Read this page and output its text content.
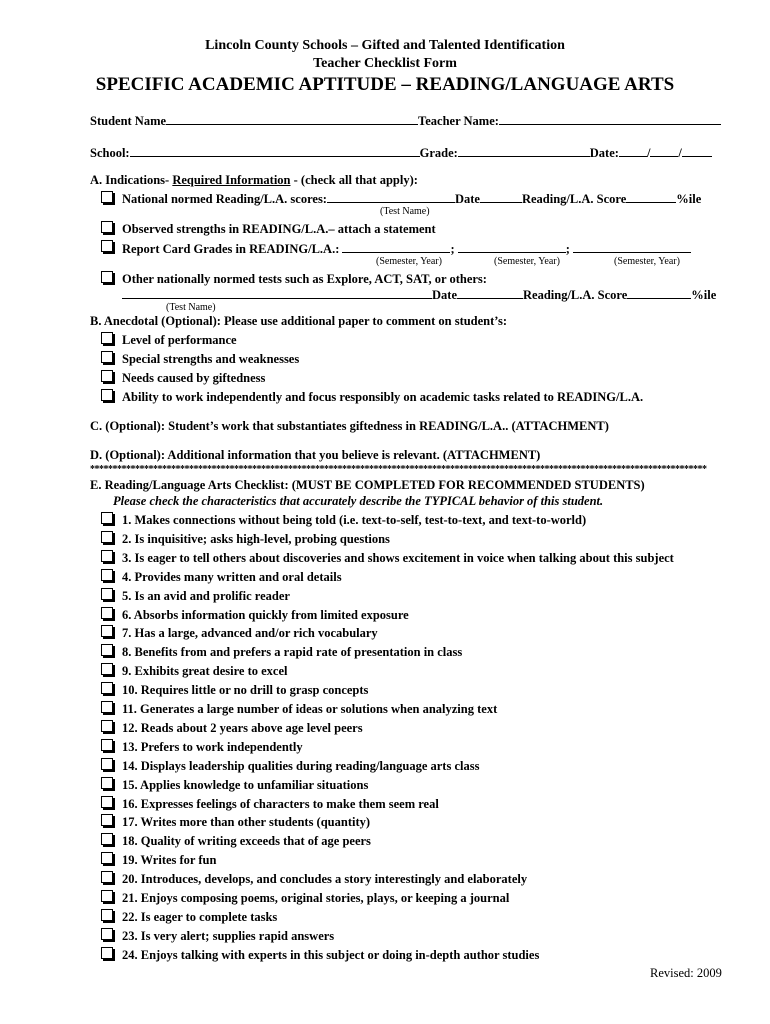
Lincoln County Schools – Gifted and Talented Identification
Teacher Checklist Form
SPECIFIC ACADEMIC APTITUDE – READING/LANGUAGE ARTS
Student Name	Teacher Name:
School:	Grade:	Date: / /
A. Indications- Required Information - (check all that apply):
National normed Reading/L.A. scores:	Date	Reading/L.A. Score	%ile
(Test Name)
Observed strengths in READING/L.A.– attach a statement
Report Card Grades in READING/L.A.:	;	;
(Semester, Year)	(Semester, Year)	(Semester, Year)
Other nationally normed tests such as Explore, ACT, SAT, or others:
Date	Reading/L.A. Score	%ile
(Test Name)
B. Anecdotal (Optional): Please use additional paper to comment on student’s:
Level of performance
Special strengths and weaknesses
Needs caused by giftedness
Ability to work independently and focus responsibly on academic tasks related to READING/L.A.
C. (Optional): Student’s work that substantiates giftedness in READING/L.A.. (ATTACHMENT)
D. (Optional): Additional information that you believe is relevant. (ATTACHMENT)
*****************************************************************************************************************************************
E. Reading/Language Arts Checklist: (MUST BE COMPLETED FOR RECOMMENDED STUDENTS)
Please check the characteristics that accurately describe the TYPICAL behavior of this student.
1. Makes connections without being told (i.e. text-to-self, test-to-text, and text-to-world)
2. Is inquisitive; asks high-level, probing questions
3. Is eager to tell others about discoveries and shows excitement in voice when talking about this subject
4. Provides many written and oral details
5. Is an avid and prolific reader
6. Absorbs information quickly from limited exposure
7. Has a large, advanced and/or rich vocabulary
8. Benefits from and prefers a rapid rate of presentation in class
9. Exhibits great desire to excel
10. Requires little or no drill to grasp concepts
11. Generates a large number of ideas or solutions when analyzing text
12. Reads about 2 years above age level peers
13. Prefers to work independently
14. Displays leadership qualities during reading/language arts class
15. Applies knowledge to unfamiliar situations
16. Expresses feelings of characters to make them seem real
17. Writes more than other students (quantity)
18. Quality of writing exceeds that of age peers
19. Writes for fun
20. Introduces, develops, and concludes a story interestingly and elaborately
21. Enjoys composing poems, original stories, plays, or keeping a journal
22. Is eager to complete tasks
23. Is very alert; supplies rapid answers
24. Enjoys talking with experts in this subject or doing in-depth author studies
Revised: 2009
